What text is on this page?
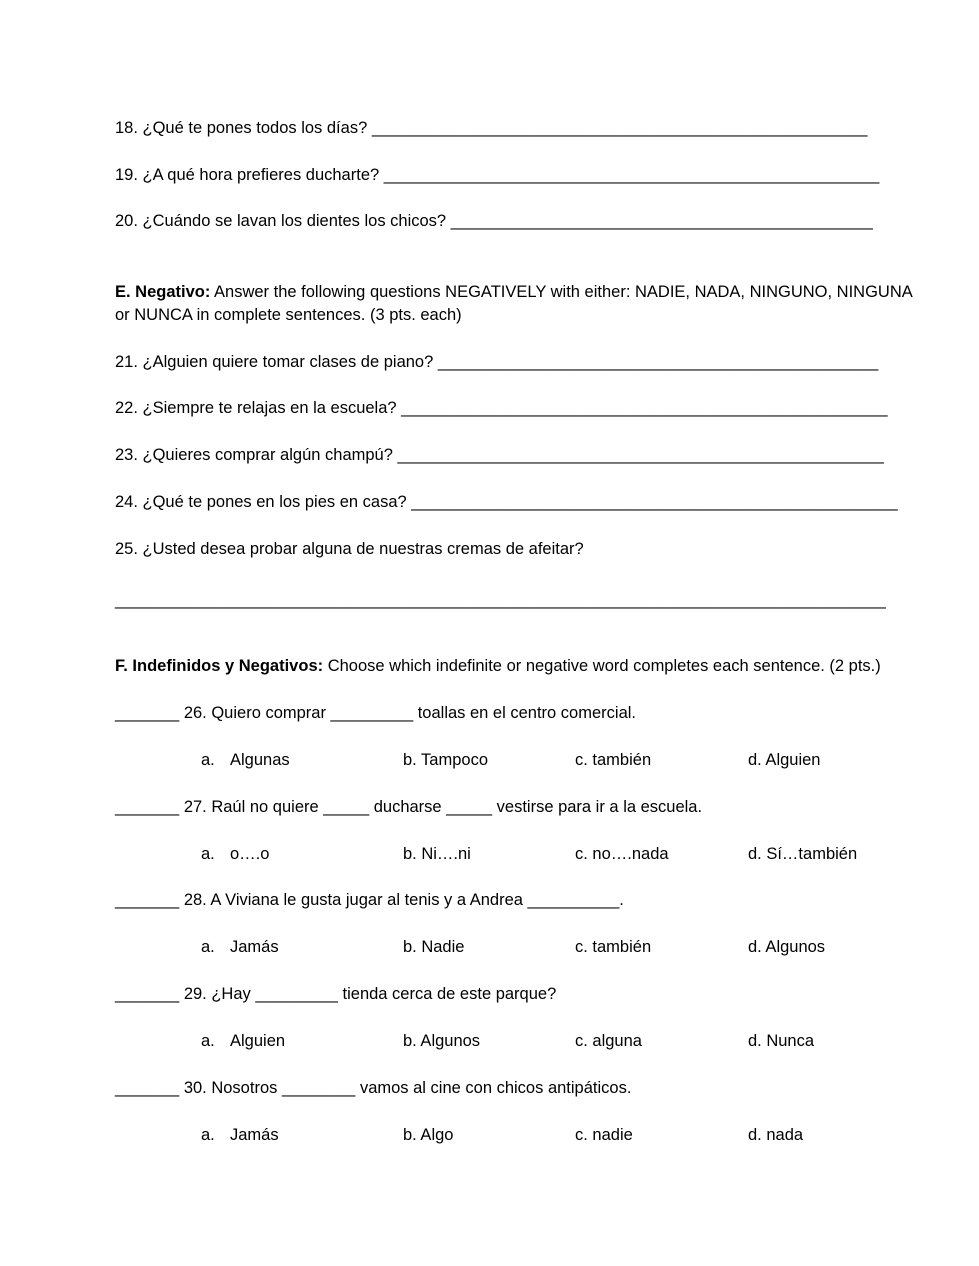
18. ¿Qué te pones todos los días? ______________________________________________________
19. ¿A qué hora prefieres ducharte? ______________________________________________________
20. ¿Cuándo se lavan los dientes los chicos? ______________________________________________
E. Negativo: Answer the following questions NEGATIVELY with either: NADIE, NADA, NINGUNO, NINGUNA or NUNCA in complete sentences. (3 pts. each)
21. ¿Alguien quiere tomar clases de piano? ________________________________________________
22. ¿Siempre te relajas en la escuela? _____________________________________________________
23. ¿Quieres comprar algún champú? _____________________________________________________
24. ¿Qué te pones en los pies en casa? _____________________________________________________
25. ¿Usted desea probar alguna de nuestras cremas de afeitar?
____________________________________________________________________________________
F. Indefinidos y Negativos: Choose which indefinite or negative word completes each sentence. (2 pts.)
_______ 26. Quiero comprar _________ toallas en el centro comercial.
a. Algunas	b. Tampoco	c. también	d. Alguien
_______ 27. Raúl no quiere _____ ducharse _____ vestirse para ir a la escuela.
a. o….o	b. Ni….ni	c. no….nada	d. Sí…también
_______ 28. A Viviana le gusta jugar al tenis y a Andrea __________.
a. Jamás	b. Nadie	c. también	d. Algunos
_______ 29. ¿Hay _________ tienda cerca de este parque?
a. Alguien	b. Algunos	c. alguna	d. Nunca
_______ 30. Nosotros ________ vamos al cine con chicos antipáticos.
a. Jamás	b. Algo	c. nadie	d. nada
